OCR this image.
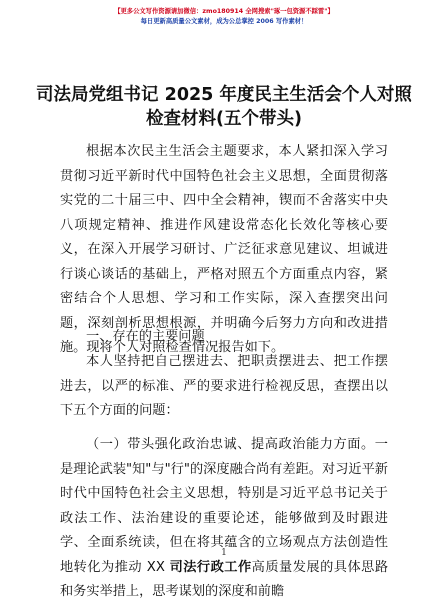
【更多公文写作资源请加微信：zmo180914 全网搜索"琢一包资源不踩雷"】
每日更新高质量公文素材，成为公总掌控 2006 写作素材！
司法局党组书记 2025 年度民主生活会个人对照
检查材料(五个带头)

根据本次民主生活会主题要求，本人紧扣深入学习贯彻习近平新时代中国特色社会主义思想，全面贯彻落实党的二十届三中、四中全会精神，锲而不舍落实中央八项规定精神、推进作风建设常态化长效化等核心要义，在深入开展学习研讨、广泛征求意见建议、坦诚进行谈心谈话的基础上，严格对照五个方面重点内容，紧密结合个人思想、学习和工作实际，深入查摆突出问题，深刻剖析思想根源，并明确今后努力方向和改进措施。现将个人对照检查情况报告如下。

一、存在的主要问题

本人坚持把自己摆进去、把职责摆进去、把工作摆进去，以严的标准、严的要求进行检视反思，查摆出以下五个方面的问题：

（一）带头强化政治忠诚、提高政治能力方面。一是理论武装"知"与"行"的深度融合尚有差距。对习近平新时代中国特色社会主义思想，特别是习近平总书记关于政法工作、法治建设的重要论述，能够做到及时跟进学、全面系统读，但在将其蕴含的立场观点方法创造性地转化为推动 XX 司法行政工作高质量发展的具体思路和务实举措上，思考谋划的深度和前瞻

1
